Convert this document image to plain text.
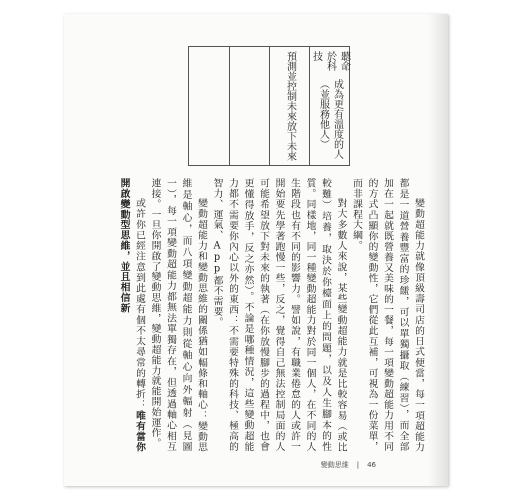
聽命於科技
成為更有溫度的人（並服務他人）
預測並控制未來
放下未來

變動超能力就像頂級壽司店的日式便當，每一項超能力都是一道營養豐富的珍饈，可以單獨攝取（練習），而全部加在一起就既營養又美味的一餐，每一項變動超能力用不同的方式凸顯你的變動性，它們從此互補，可視為一份菜單，而非課程大綱。

對大多數人來說，某些變動超能力就是比較容易（或比較難）培養，取決於你檯面上的問題，以及人生腳本的性質。同樣地，同一種變動超能力對於同一個人，在不同的人生階段也有不同的影響力。譬如說，有職業倦怠的人或許一開始要先學著跑慢一些，反之，覺得自己無法控制局面的人可能希望放下對未來的執著（在你放慢腳步的過程中，也會更懂得放手，反之亦然）。不論是哪種情況，這些變動超能力都不需要你內心以外的東西：不需要特殊的科技、極高的智力、運氣、App都不需要。

變動超能力和變動思維的關係猶如輻條和軸心：變動思維是軸心，而八項變動超能力則從軸心向外輻射（見圖一），每一項變動超能力都無法單獨存在，但透過軸心相互連接。一旦你開啟了變動思維，變動超能力就能開始運作。

或許你已經注意到此處有個不太尋常的轉折：唯有當你開啟變動型思維，並且相信新

變動思維 | 46
